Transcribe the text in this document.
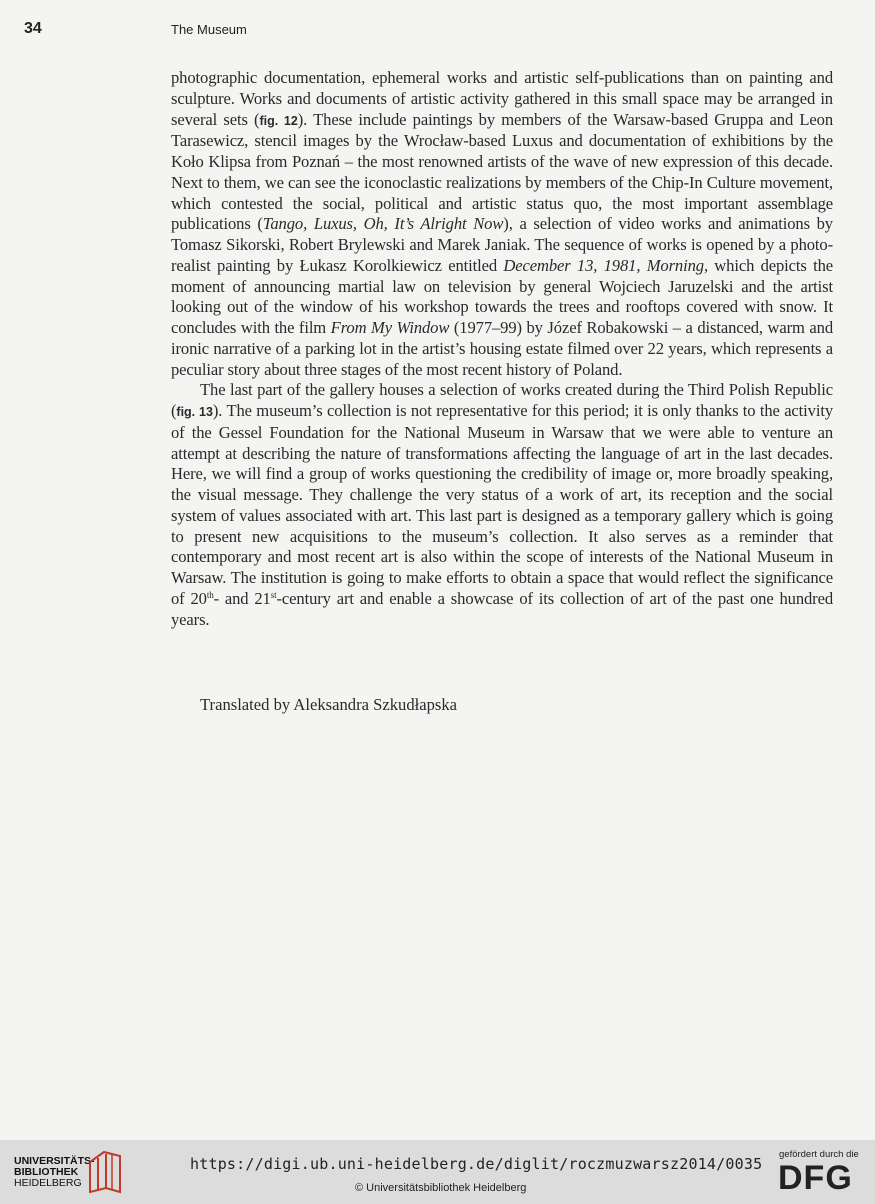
34	The Museum

photographic documentation, ephemeral works and artistic self-publications than on painting and sculpture. Works and documents of artistic activity gathered in this small space may be arranged in several sets (fig. 12). These include paintings by members of the Warsaw-based Gruppa and Leon Tarasewicz, stencil images by the Wrocław-based Luxus and documentation of exhibitions by the Koło Klipsa from Poznań – the most renowned artists of the wave of new expression of this decade. Next to them, we can see the iconoclastic realizations by members of the Chip-In Culture movement, which contested the social, political and artistic status quo, the most important assemblage publications (Tango, Luxus, Oh, It’s Alright Now), a selection of video works and animations by Tomasz Sikorski, Robert Brylewski and Marek Janiak. The sequence of works is opened by a photo-realist painting by Łukasz Korolkiewicz entitled December 13, 1981, Morning, which depicts the moment of announcing martial law on television by general Wojciech Jaruzelski and the artist looking out of the window of his workshop towards the trees and rooftops covered with snow. It concludes with the film From My Window (1977–99) by Józef Robakowski – a distanced, warm and ironic narrative of a parking lot in the artist’s housing estate filmed over 22 years, which represents a peculiar story about three stages of the most recent history of Poland.

The last part of the gallery houses a selection of works created during the Third Polish Republic (fig. 13). The museum’s collection is not representative for this period; it is only thanks to the activity of the Gessel Foundation for the National Museum in Warsaw that we were able to venture an attempt at describing the nature of transformations affecting the language of art in the last decades. Here, we will find a group of works questioning the credibility of image or, more broadly speaking, the visual message. They challenge the very status of a work of art, its reception and the social system of values associated with art. This last part is designed as a temporary gallery which is going to present new acquisitions to the museum’s collection. It also serves as a reminder that contemporary and most recent art is also within the scope of interests of the National Museum in Warsaw. The institution is going to make efforts to obtain a space that would reflect the significance of 20th- and 21st-century art and enable a showcase of its collection of art of the past one hundred years.

Translated by Aleksandra Szkudłapska
UNIVERSITÄTS-
BIBLIOTHEK
HEIDELBERG
https://digi.ub.uni-heidelberg.de/diglit/roczmuzwarsz2014/0035
© Universitätsbibliothek Heidelberg
gefördert durch die
DFG
